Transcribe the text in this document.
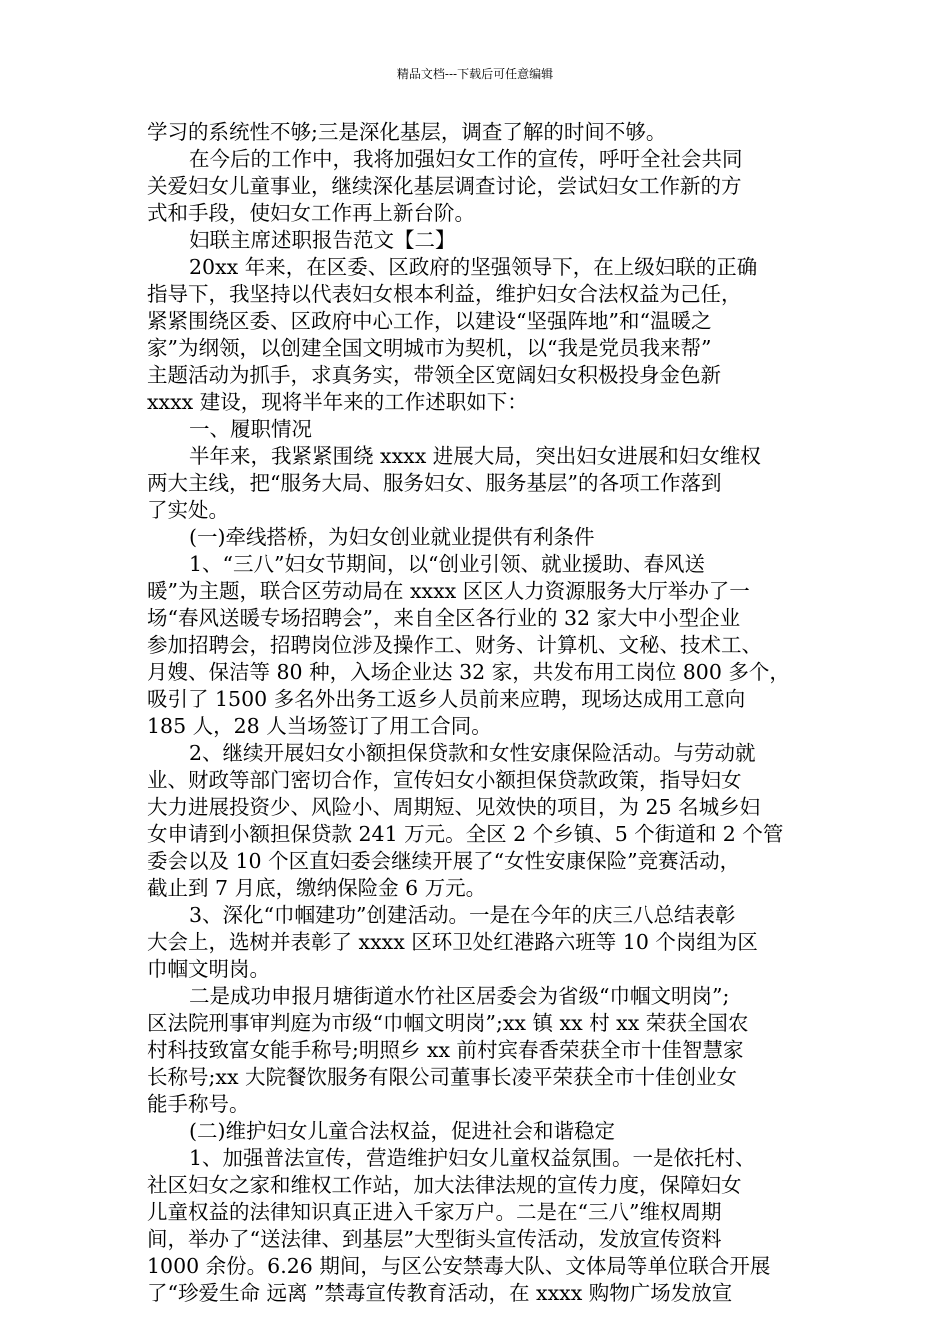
精品文档---下载后可任意编辑
学习的系统性不够;三是深化基层，调查了解的时间不够。
在今后的工作中，我将加强妇女工作的宣传，呼吁全社会共同
关爱妇女儿童事业，继续深化基层调查讨论，尝试妇女工作新的方
式和手段，使妇女工作再上新台阶。
妇联主席述职报告范文【二】
20xx 年来，在区委、区政府的坚强领导下，在上级妇联的正确
指导下，我坚持以代表妇女根本利益，维护妇女合法权益为己任，
紧紧围绕区委、区政府中心工作，以建设“坚强阵地”和“温暖之
家”为纲领，以创建全国文明城市为契机，以“我是党员我来帮”
主题活动为抓手，求真务实，带领全区宽阔妇女积极投身金色新
xxxx 建设，现将半年来的工作述职如下：
一、履职情况
半年来，我紧紧围绕 xxxx 进展大局，突出妇女进展和妇女维权
两大主线，把“服务大局、服务妇女、服务基层”的各项工作落到
了实处。
(一)牵线搭桥，为妇女创业就业提供有利条件
1、“三八”妇女节期间，以“创业引领、就业援助、春风送
暖”为主题，联合区劳动局在 xxxx 区区人力资源服务大厅举办了一
场“春风送暖专场招聘会”，来自全区各行业的 32 家大中小型企业
参加招聘会，招聘岗位涉及操作工、财务、计算机、文秘、技术工、
月嫂、保洁等 80 种，入场企业达 32 家，共发布用工岗位 800 多个，
吸引了 1500 多名外出务工返乡人员前来应聘，现场达成用工意向
185 人，28 人当场签订了用工合同。
2、继续开展妇女小额担保贷款和女性安康保险活动。与劳动就
业、财政等部门密切合作，宣传妇女小额担保贷款政策，指导妇女
大力进展投资少、风险小、周期短、见效快的项目，为 25 名城乡妇
女申请到小额担保贷款 241 万元。全区 2 个乡镇、5 个街道和 2 个管
委会以及 10 个区直妇委会继续开展了“女性安康保险”竞赛活动，
截止到 7 月底，缴纳保险金 6 万元。
3、深化“巾帼建功”创建活动。一是在今年的庆三八总结表彰
大会上，选树并表彰了 xxxx 区环卫处红港路六班等 10 个岗组为区
巾帼文明岗。
二是成功申报月塘街道水竹社区居委会为省级“巾帼文明岗”;
区法院刑事审判庭为市级“巾帼文明岗”;xx 镇 xx 村 xx 荣获全国农
村科技致富女能手称号;明照乡 xx 前村宾春香荣获全市十佳智慧家
长称号;xx 大院餐饮服务有限公司董事长凌平荣获全市十佳创业女
能手称号。
(二)维护妇女儿童合法权益，促进社会和谐稳定
1、加强普法宣传，营造维护妇女儿童权益氛围。一是依托村、
社区妇女之家和维权工作站，加大法律法规的宣传力度，保障妇女
儿童权益的法律知识真正进入千家万户。二是在“三八”维权周期
间，举办了“送法律、到基层”大型街头宣传活动，发放宣传资料
1000 余份。6.26 期间，与区公安禁毒大队、文体局等单位联合开展
了“珍爱生命 远离 ”禁毒宣传教育活动，在 xxxx 购物广场发放宣
